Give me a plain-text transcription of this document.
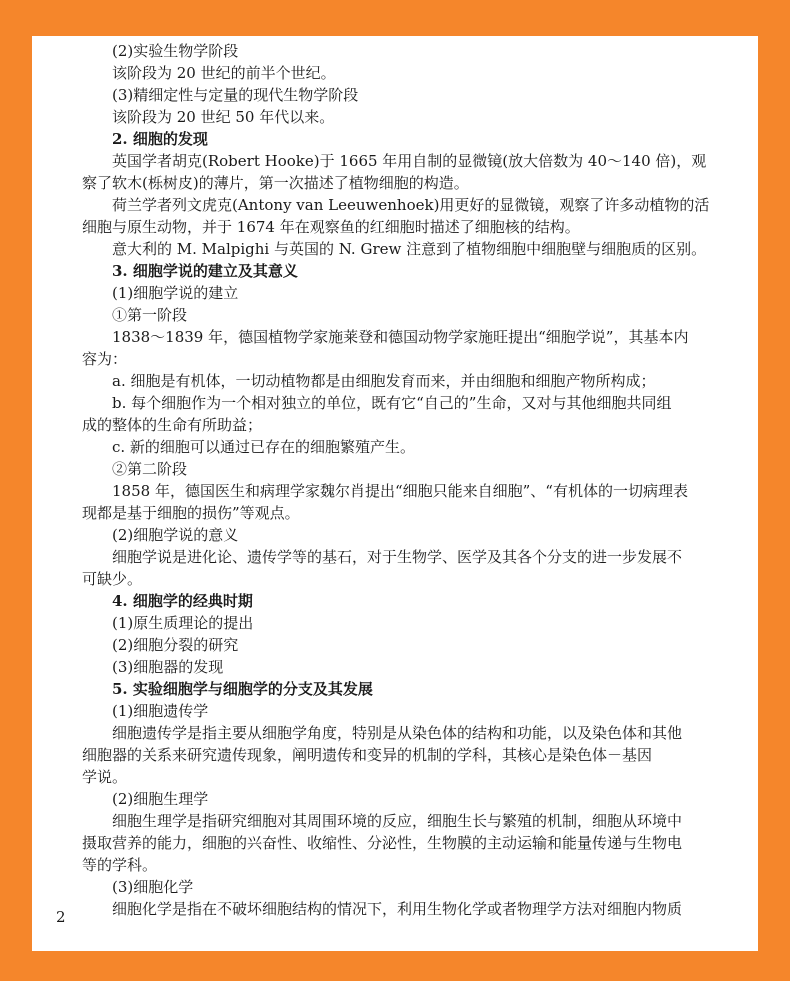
(2)实验生物学阶段

该阶段为 20 世纪的前半个世纪。

(3)精细定性与定量的现代生物学阶段

该阶段为 20 世纪 50 年代以来。

2. 细胞的发现

英国学者胡克(Robert Hooke)于 1665 年用自制的显微镜(放大倍数为 40～140 倍)，观

察了软木(栎树皮)的薄片，第一次描述了植物细胞的构造。

荷兰学者列文虎克(Antony van Leeuwenhoek)用更好的显微镜，观察了许多动植物的活

细胞与原生动物，并于 1674 年在观察鱼的红细胞时描述了细胞核的结构。

意大利的 M. Malpighi 与英国的 N. Grew 注意到了植物细胞中细胞壁与细胞质的区别。

3. 细胞学说的建立及其意义

(1)细胞学说的建立

①第一阶段

1838～1839 年，德国植物学家施莱登和德国动物学家施旺提出“细胞学说”，其基本内

容为：

a. 细胞是有机体，一切动植物都是由细胞发育而来，并由细胞和细胞产物所构成；

b. 每个细胞作为一个相对独立的单位，既有它“自己的”生命，又对与其他细胞共同组

成的整体的生命有所助益；

c. 新的细胞可以通过已存在的细胞繁殖产生。

②第二阶段

1858 年，德国医生和病理学家魏尔肖提出“细胞只能来自细胞”、“有机体的一切病理表

现都是基于细胞的损伤”等观点。

(2)细胞学说的意义

细胞学说是进化论、遗传学等的基石，对于生物学、医学及其各个分支的进一步发展不

可缺少。

4. 细胞学的经典时期

(1)原生质理论的提出

(2)细胞分裂的研究

(3)细胞器的发现

5. 实验细胞学与细胞学的分支及其发展

(1)细胞遗传学

细胞遗传学是指主要从细胞学角度，特别是从染色体的结构和功能，以及染色体和其他

细胞器的关系来研究遗传现象，阐明遗传和变异的机制的学科，其核心是染色体－基因

学说。

(2)细胞生理学

细胞生理学是指研究细胞对其周围环境的反应，细胞生长与繁殖的机制，细胞从环境中

摄取营养的能力，细胞的兴奋性、收缩性、分泌性，生物膜的主动运输和能量传递与生物电

等的学科。

(3)细胞化学

细胞化学是指在不破坏细胞结构的情况下，利用生物化学或者物理学方法对细胞内物质

2
